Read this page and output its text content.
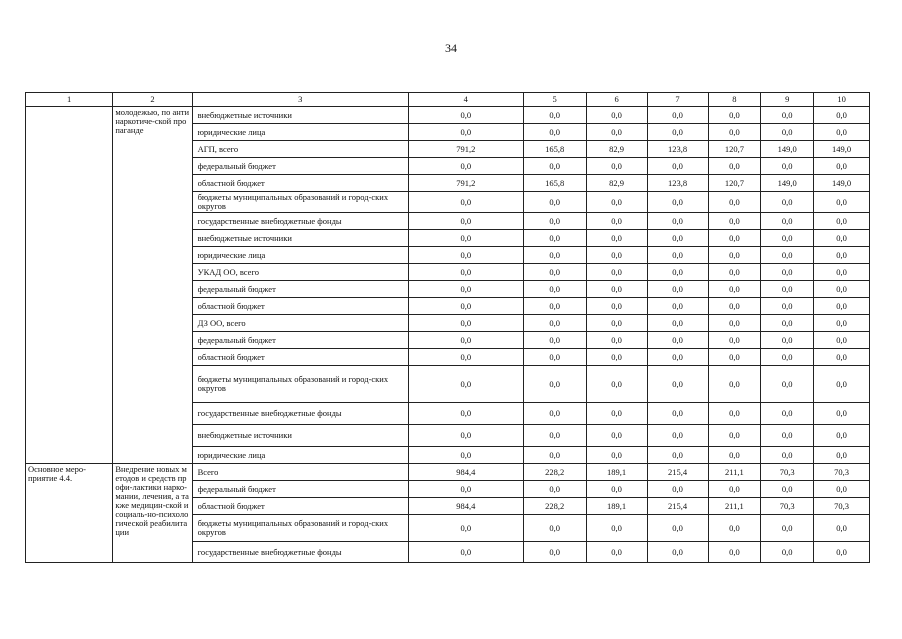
34
1	2	3	4	5	6	7	8	9	10

	молодежью, по антинаркотиче-ской пропаганде	внебюджетные источники	0,0	0,0	0,0	0,0	0,0	0,0	0,0
		юридические лица	0,0	0,0	0,0	0,0	0,0	0,0	0,0
		АГП, всего	791,2	165,8	82,9	123,8	120,7	149,0	149,0
		федеральный бюджет	0,0	0,0	0,0	0,0	0,0	0,0	0,0
		областной бюджет	791,2	165,8	82,9	123,8	120,7	149,0	149,0
		бюджеты муниципальных образований и город-ских округов	0,0	0,0	0,0	0,0	0,0	0,0	0,0
		государственные внебюджетные фонды	0,0	0,0	0,0	0,0	0,0	0,0	0,0
		внебюджетные источники	0,0	0,0	0,0	0,0	0,0	0,0	0,0
		юридические лица	0,0	0,0	0,0	0,0	0,0	0,0	0,0
		УКАД ОО, всего	0,0	0,0	0,0	0,0	0,0	0,0	0,0
		федеральный бюджет	0,0	0,0	0,0	0,0	0,0	0,0	0,0
		областной бюджет	0,0	0,0	0,0	0,0	0,0	0,0	0,0
		ДЗ ОО, всего	0,0	0,0	0,0	0,0	0,0	0,0	0,0
		федеральный бюджет	0,0	0,0	0,0	0,0	0,0	0,0	0,0
		областной бюджет	0,0	0,0	0,0	0,0	0,0	0,0	0,0
		бюджеты муниципальных образований и город-ских округов	0,0	0,0	0,0	0,0	0,0	0,0	0,0
		государственные внебюджетные фонды	0,0	0,0	0,0	0,0	0,0	0,0	0,0
		внебюджетные источники	0,0	0,0	0,0	0,0	0,0	0,0	0,0
		юридические лица	0,0	0,0	0,0	0,0	0,0	0,0	0,0

Основное меро-приятие 4.4.	Внедрение новых методов и средств профи-лактики нарко-мании, лечения, а также медицин-ской и социаль-но-психологической реабилитации	Всего	984,4	228,2	189,1	215,4	211,1	70,3	70,3
		федеральный бюджет	0,0	0,0	0,0	0,0	0,0	0,0	0,0
		областной бюджет	984,4	228,2	189,1	215,4	211,1	70,3	70,3
		бюджеты муниципальных образований и город-ских округов	0,0	0,0	0,0	0,0	0,0	0,0	0,0
		государственные внебюджетные фонды	0,0	0,0	0,0	0,0	0,0	0,0	0,0
